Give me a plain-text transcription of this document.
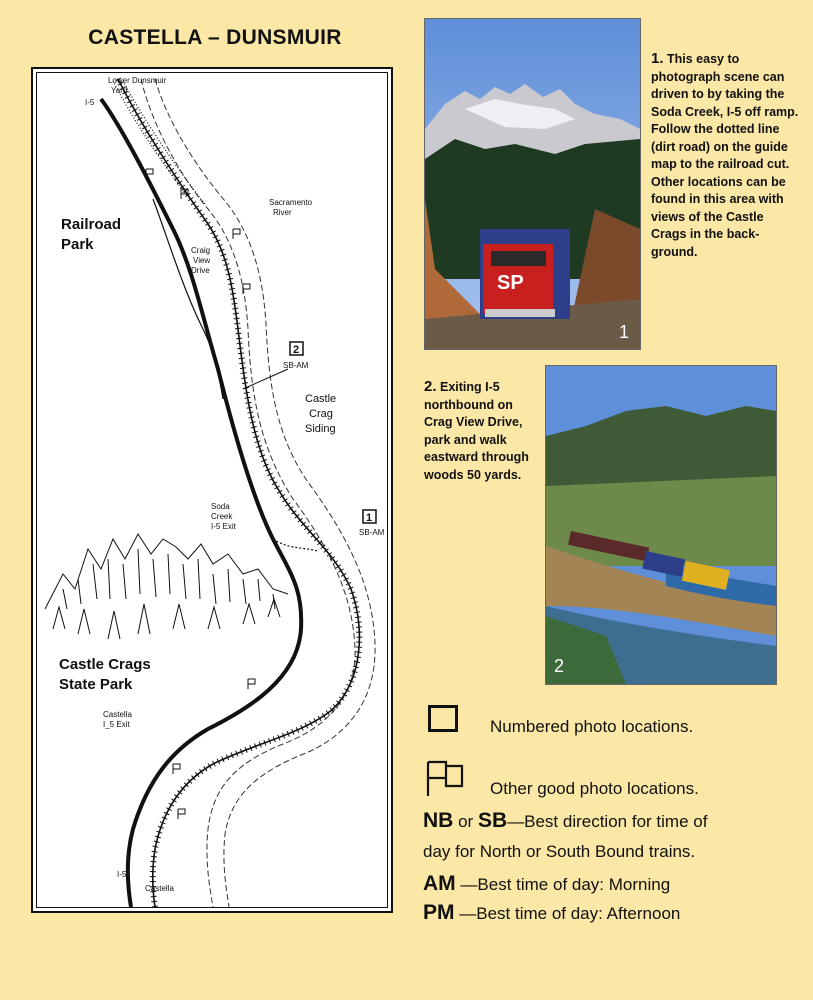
CASTELLA – DUNSMUIR
1
2
Lower Dunsmuir
Yard
I-5
Sacramento
River
Railroad
Park	Craig
View
Drive
SB-AM
Castle
Crag
Siding
Soda
Creek
I-5 Exit
SB-AM
Castle Crags
State Park
Castella
I_5 Exit
I-5
Castella
SP
1
1. This easy to photograph scene can driven to by taking the Soda Creek, I-5 off ramp. Follow the dotted line (dirt road) on the guide map to the railroad cut. Other locations can be found in this area with views of the Castle Crags in the back-ground.
2
2. Exiting I-5 northbound on Crag View Drive, park and walk eastward through woods 50 yards.
Numbered photo locations.
Other good photo locations.
NB or SB—Best direction for time of
day for North or South Bound trains.
AM —Best time of day: Morning
PM —Best time of day: Afternoon
